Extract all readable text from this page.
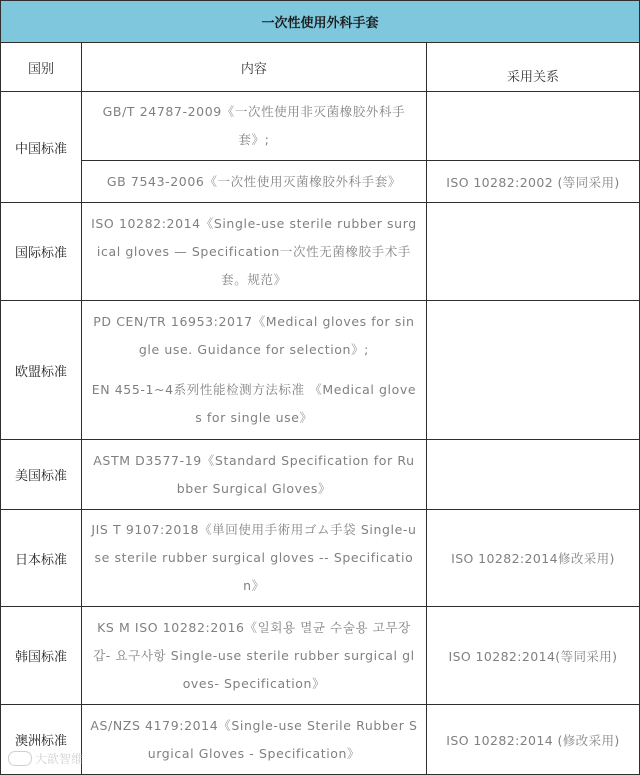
一次性使用外科手套		
国别	内容	采用关系
中国标准	GB/T 24787-2009《一次性使用非灭菌橡胶外科手套》;	

	GB 7543-2006《一次性使用灭菌橡胶外科手套》	ISO 10282:2002 (等同采用)
国际标准	ISO 10282:2014《Single-use sterile rubber surgical gloves — Specification一次性无菌橡胶手术手套。规范》	

欧盟标准	PD CEN/TR 16953:2017《Medical gloves for single use. Guidance for selection》;

EN 455-1~4系列性能检测方法标准 《Medical gloves for single use》	

美国标准	ASTM D3577-19《Standard Specification for Rubber Surgical Gloves》	

日本标准	JIS T 9107:2018《単回使用手術用ゴム手袋 Single-use sterile rubber surgical gloves -- Specification》	ISO 10282:2014修改采用)
韩国标准	KS M ISO 10282:2016《일회용 멸균 수술용 고무장갑- 요구사항 Single-use sterile rubber surgical gloves- Specification》	ISO 10282:2014(等同采用)
澳洲标准	AS/NZS 4179:2014《Single-use Sterile Rubber Surgical Gloves - Specification》	ISO 10282:2014 (修改采用)
大歆智维
